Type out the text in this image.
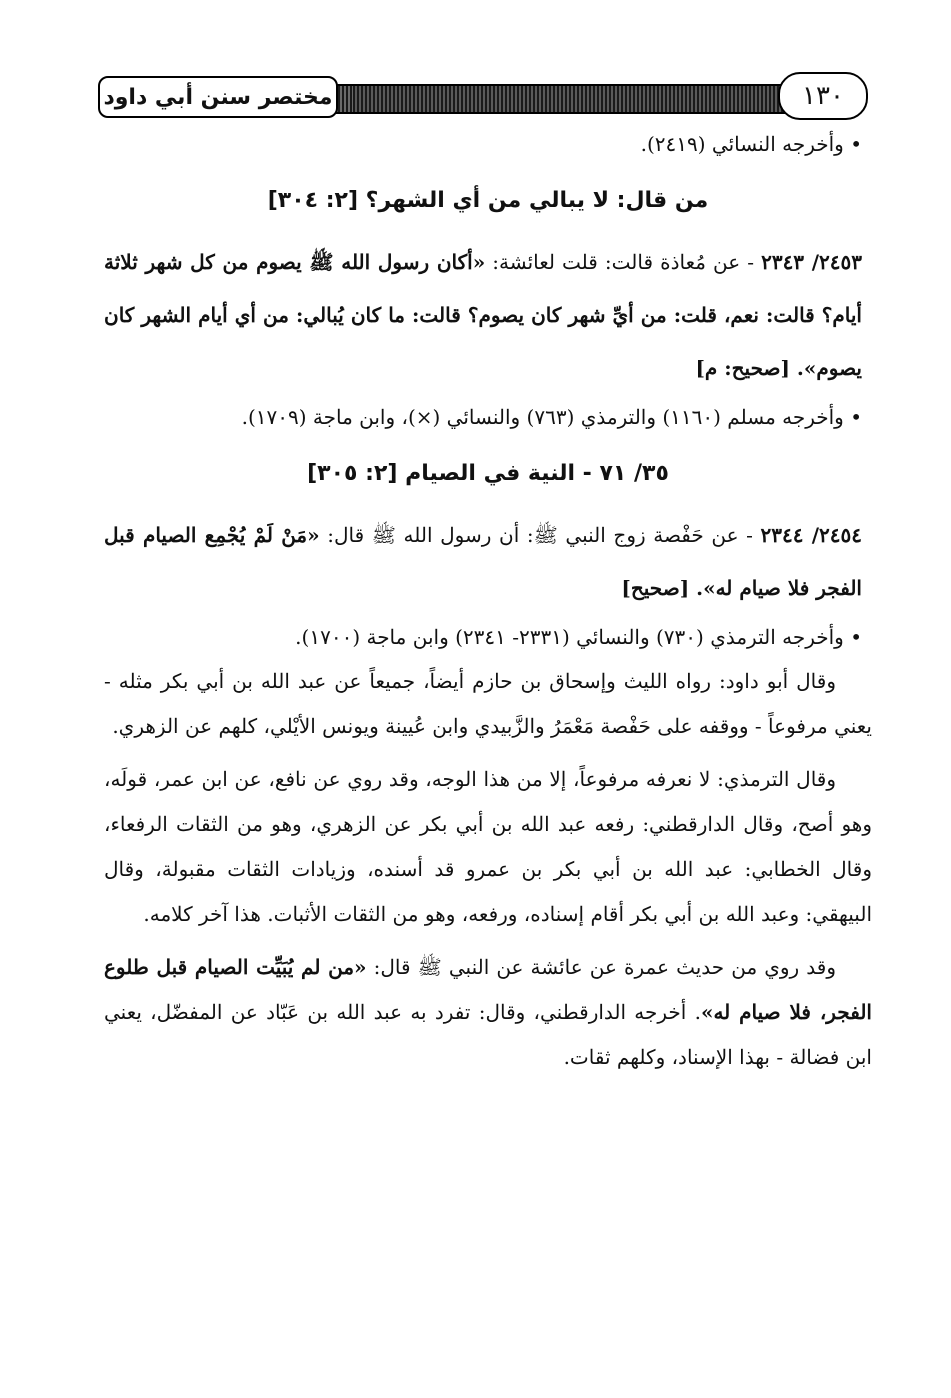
مختصر سنن أبي داود	١٣٠

• وأخرجه النسائي (٢٤١٩).

من قال: لا يبالي من أي الشهر؟ [٢: ٣٠٤]

٢٤٥٣/ ٢٣٤٣ - عن مُعاذة قالت: قلت لعائشة: «أكان رسول الله ﷺ يصوم من كل شهر ثلاثة أيام؟ قالت: نعم، قلت: من أيِّ شهر كان يصوم؟ قالت: ما كان يُبالي: من أي أيام الشهر كان يصوم». [صحيح: م]

• وأخرجه مسلم (١١٦٠) والترمذي (٧٦٣) والنسائي (×)، وابن ماجة (١٧٠٩).

٣٥/ ٧١ - النية في الصيام [٢: ٣٠٥]

٢٤٥٤/ ٢٣٤٤ - عن حَفْصة زوج النبي ﷺ: أن رسول الله ﷺ قال: «مَنْ لَمْ يُجْمِع الصيام قبل الفجر فلا صيام له». [صحيح]

• وأخرجه الترمذي (٧٣٠) والنسائي (٢٣٣١- ٢٣٤١) وابن ماجة (١٧٠٠).

وقال أبو داود: رواه الليث وإسحاق بن حازم أيضاً، جميعاً عن عبد الله بن أبي بكر مثله - يعني مرفوعاً - ووقفه على حَفْصة مَعْمَرُ والزَّبيدي وابن عُيينة ويونس الأيْلي، كلهم عن الزهري.

وقال الترمذي: لا نعرفه مرفوعاً، إلا من هذا الوجه، وقد روي عن نافع، عن ابن عمر، قولَه، وهو أصح، وقال الدارقطني: رفعه عبد الله بن أبي بكر عن الزهري، وهو من الثقات الرفعاء، وقال الخطابي: عبد الله بن أبي بكر بن عمرو قد أسنده، وزيادات الثقات مقبولة، وقال البيهقي: وعبد الله بن أبي بكر أقام إسناده، ورفعه، وهو من الثقات الأثبات. هذا آخر كلامه.

وقد روي من حديث عمرة عن عائشة عن النبي ﷺ قال: «من لم يُبَيِّت الصيام قبل طلوع الفجر، فلا صيام له». أخرجه الدارقطني، وقال: تفرد به عبد الله بن عَبّاد عن المفضّل، يعني ابن فضالة - بهذا الإسناد، وكلهم ثقات.
